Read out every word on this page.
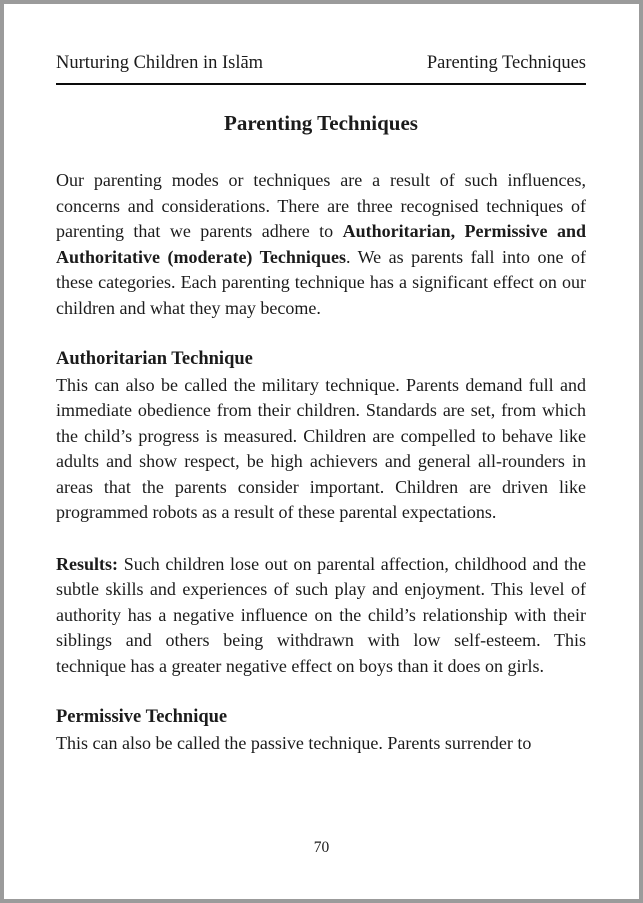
Nurturing Children in Islām	Parenting Techniques
Parenting Techniques

Our parenting modes or techniques are a result of such influences, concerns and considerations. There are three recognised techniques of parenting that we parents adhere to Authoritarian, Permissive and Authoritative (moderate) Techniques. We as parents fall into one of these categories. Each parenting technique has a significant effect on our children and what they may become.

Authoritarian Technique

This can also be called the military technique. Parents demand full and immediate obedience from their children. Standards are set, from which the child’s progress is measured. Children are compelled to behave like adults and show respect, be high achievers and general all-rounders in areas that the parents consider important. Children are driven like programmed robots as a result of these parental expectations.

Results: Such children lose out on parental affection, childhood and the subtle skills and experiences of such play and enjoyment. This level of authority has a negative influence on the child’s relationship with their siblings and others being withdrawn with low self-esteem. This technique has a greater negative effect on boys than it does on girls.

Permissive Technique

This can also be called the passive technique. Parents surrender to

70
